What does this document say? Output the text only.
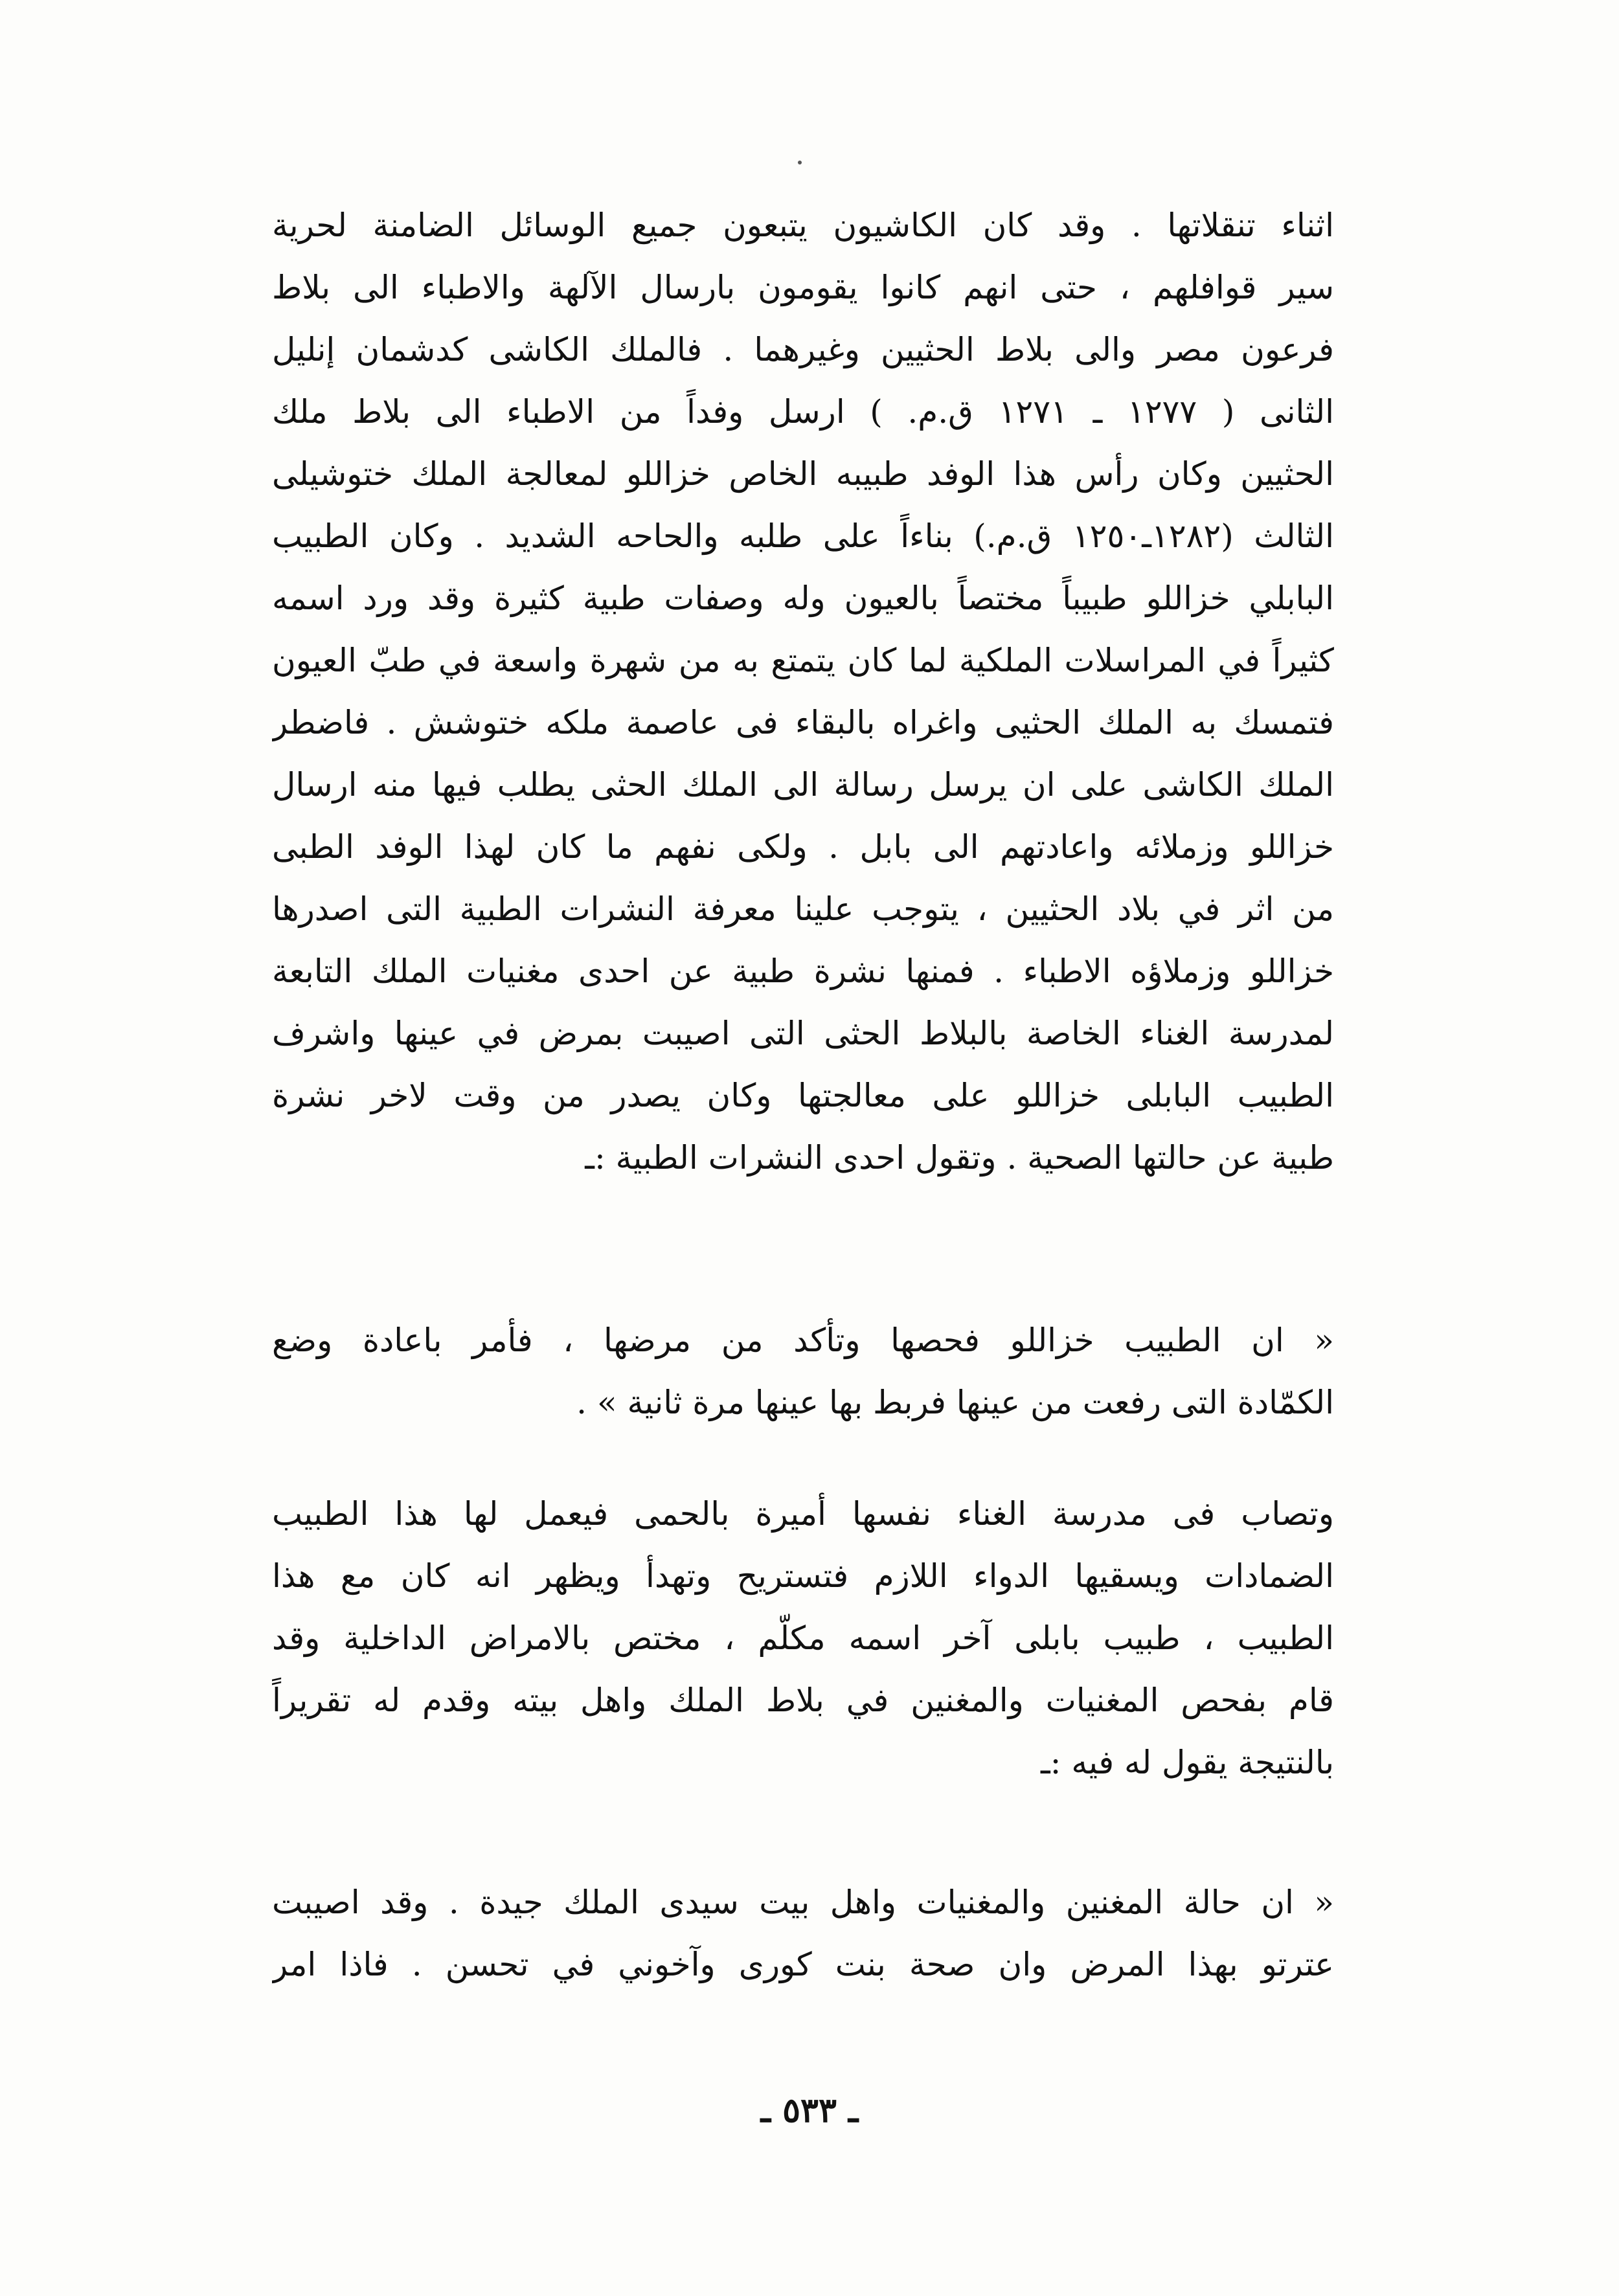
اثناء تنقلاتها . وقد كان الكاشيون يتبعون جميع الوسائل الضامنة لحرية
سير قوافلهم ، حتى انهم كانوا يقومون بارسال الآلهة والاطباء الى بلاط
فرعون مصر والى بلاط الحثيين وغيرهما . فالملك الكاشى كدشمان إنليل
الثانى ( ١٢٧٧ ـ ١٢٧١ ق.م. ) ارسل وفداً من الاطباء الى بلاط ملك
الحثيين وكان رأس هذا الوفد طبيبه الخاص خزاللو لمعالجة الملك ختوشيلى
الثالث (١٢٨٢ـ١٢٥٠ ق.م.) بناءاً على طلبه والحاحه الشديد . وكان الطبيب
البابلي خزاللو طبيباً مختصاً بالعيون وله وصفات طبية كثيرة وقد ورد اسمه
كثيراً في المراسلات الملكية لما كان يتمتع به من شهرة واسعة في طبّ العيون
فتمسك به الملك الحثيى واغراه بالبقاء فى عاصمة ملكه ختوشش . فاضطر
الملك الكاشى على ان يرسل رسالة الى الملك الحثى يطلب فيها منه ارسال
خزاللو وزملائه واعادتهم الى بابل . ولكى نفهم ما كان لهذا الوفد الطبى
من اثر في بلاد الحثيين ، يتوجب علينا معرفة النشرات الطبية التى اصدرها
خزاللو وزملاؤه الاطباء . فمنها نشرة طبية عن احدى مغنيات الملك التابعة
لمدرسة الغناء الخاصة بالبلاط الحثى التى اصيبت بمرض في عينها واشرف
الطبيب البابلى خزاللو على معالجتها وكان يصدر من وقت لاخر نشرة
طبية عن حالتها الصحية . وتقول احدى النشرات الطبية :ـ
« ان الطبيب خزاللو فحصها وتأكد من مرضها ، فأمر باعادة وضع
الكمّادة التى رفعت من عينها فربط بها عينها مرة ثانية » .
وتصاب فى مدرسة الغناء نفسها أميرة بالحمى فيعمل لها هذا الطبيب
الضمادات ويسقيها الدواء اللازم فتستريح وتهدأ ويظهر انه كان مع هذا
الطبيب ، طبيب بابلى آخر اسمه مكلّم ، مختص بالامراض الداخلية وقد
قام بفحص المغنيات والمغنين في بلاط الملك واهل بيته وقدم له تقريراً
بالنتيجة يقول له فيه :ـ
« ان حالة المغنين والمغنيات واهل بيت سيدى الملك جيدة . وقد اصيبت
عترتو بهذا المرض وان صحة بنت كورى وآخوني في تحسن . فاذا امر
ـ ٥٣٣ ـ
